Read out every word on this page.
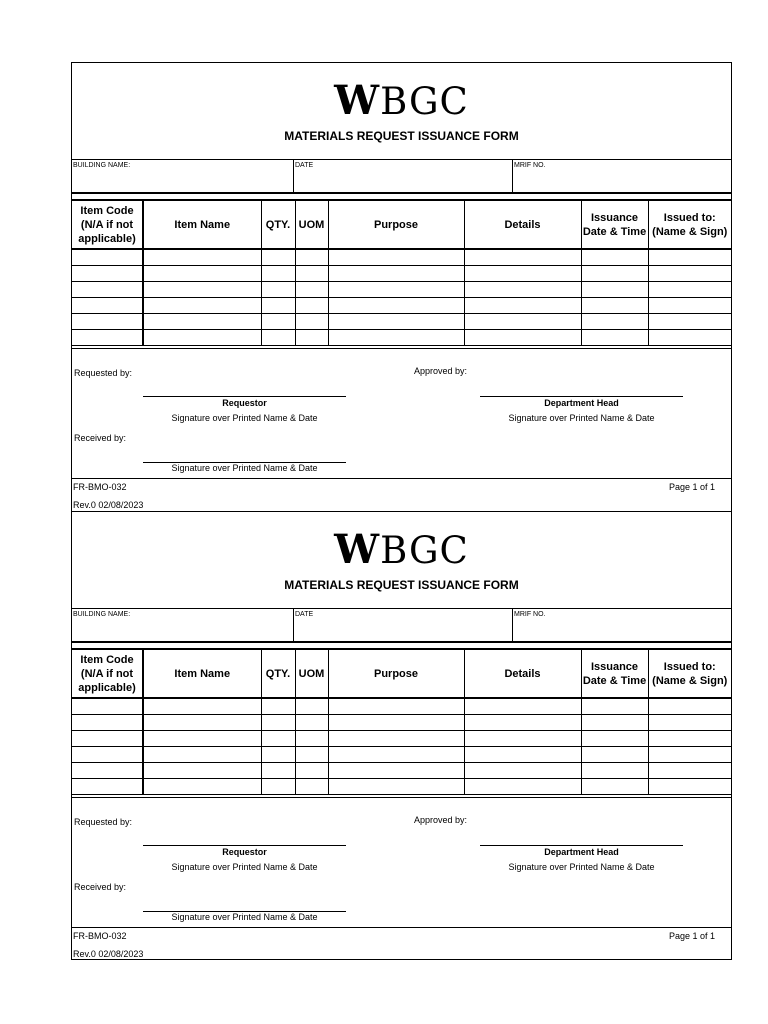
WBGC
MATERIALS REQUEST ISSUANCE FORM
BUILDING NAME:	DATE	MRIF NO.
Item Code (N/A if not applicable)	Item Name	QTY.	UOM	Purpose	Details	Issuance Date & Time	Issued to: (Name & Sign)

Requested by:	Approved by:
Requestor
Signature over Printed Name & Date
Department Head
Signature over Printed Name & Date
Received by:
Signature over Printed Name & Date
FR-BMO-032
Rev.0 02/08/2023
Page 1 of 1
WBGC
MATERIALS REQUEST ISSUANCE FORM
BUILDING NAME:	DATE	MRIF NO.
Item Code (N/A if not applicable)	Item Name	QTY.	UOM	Purpose	Details	Issuance Date & Time	Issued to: (Name & Sign)

Requested by:	Approved by:
Requestor
Signature over Printed Name & Date
Department Head
Signature over Printed Name & Date
Received by:
Signature over Printed Name & Date
FR-BMO-032
Rev.0 02/08/2023
Page 1 of 1
